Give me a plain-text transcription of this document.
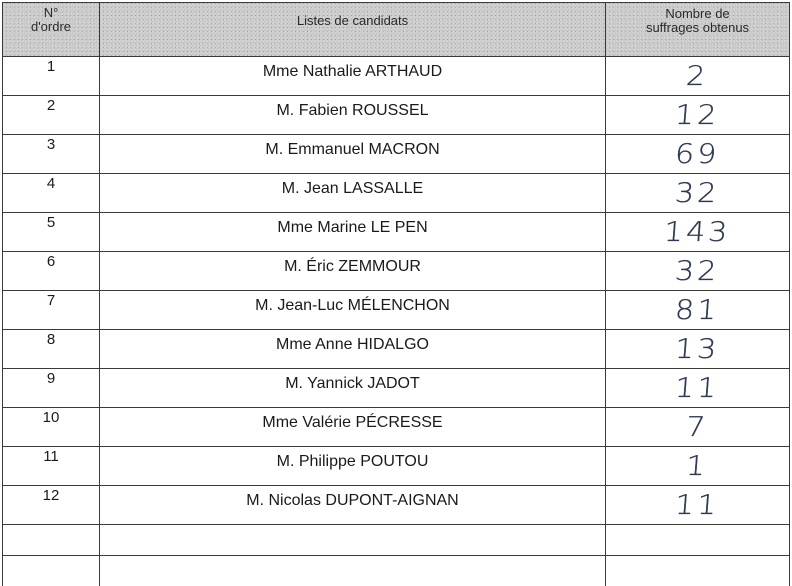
N°
d'ordre	Listes de candidats	Nombre de
suffrages obtenus

1	Mme Nathalie ARTHAUD	2
2	M. Fabien ROUSSEL	12
3	M. Emmanuel MACRON	69
4	M. Jean LASSALLE	32
5	Mme Marine LE PEN	143
6	M. Éric ZEMMOUR	32
7	M. Jean-Luc MÉLENCHON	81
8	Mme Anne HIDALGO	13
9	M. Yannick JADOT	11
10	Mme Valérie PÉCRESSE	7
11	M. Philippe POUTOU	1
12	M. Nicolas DUPONT-AIGNAN	11
